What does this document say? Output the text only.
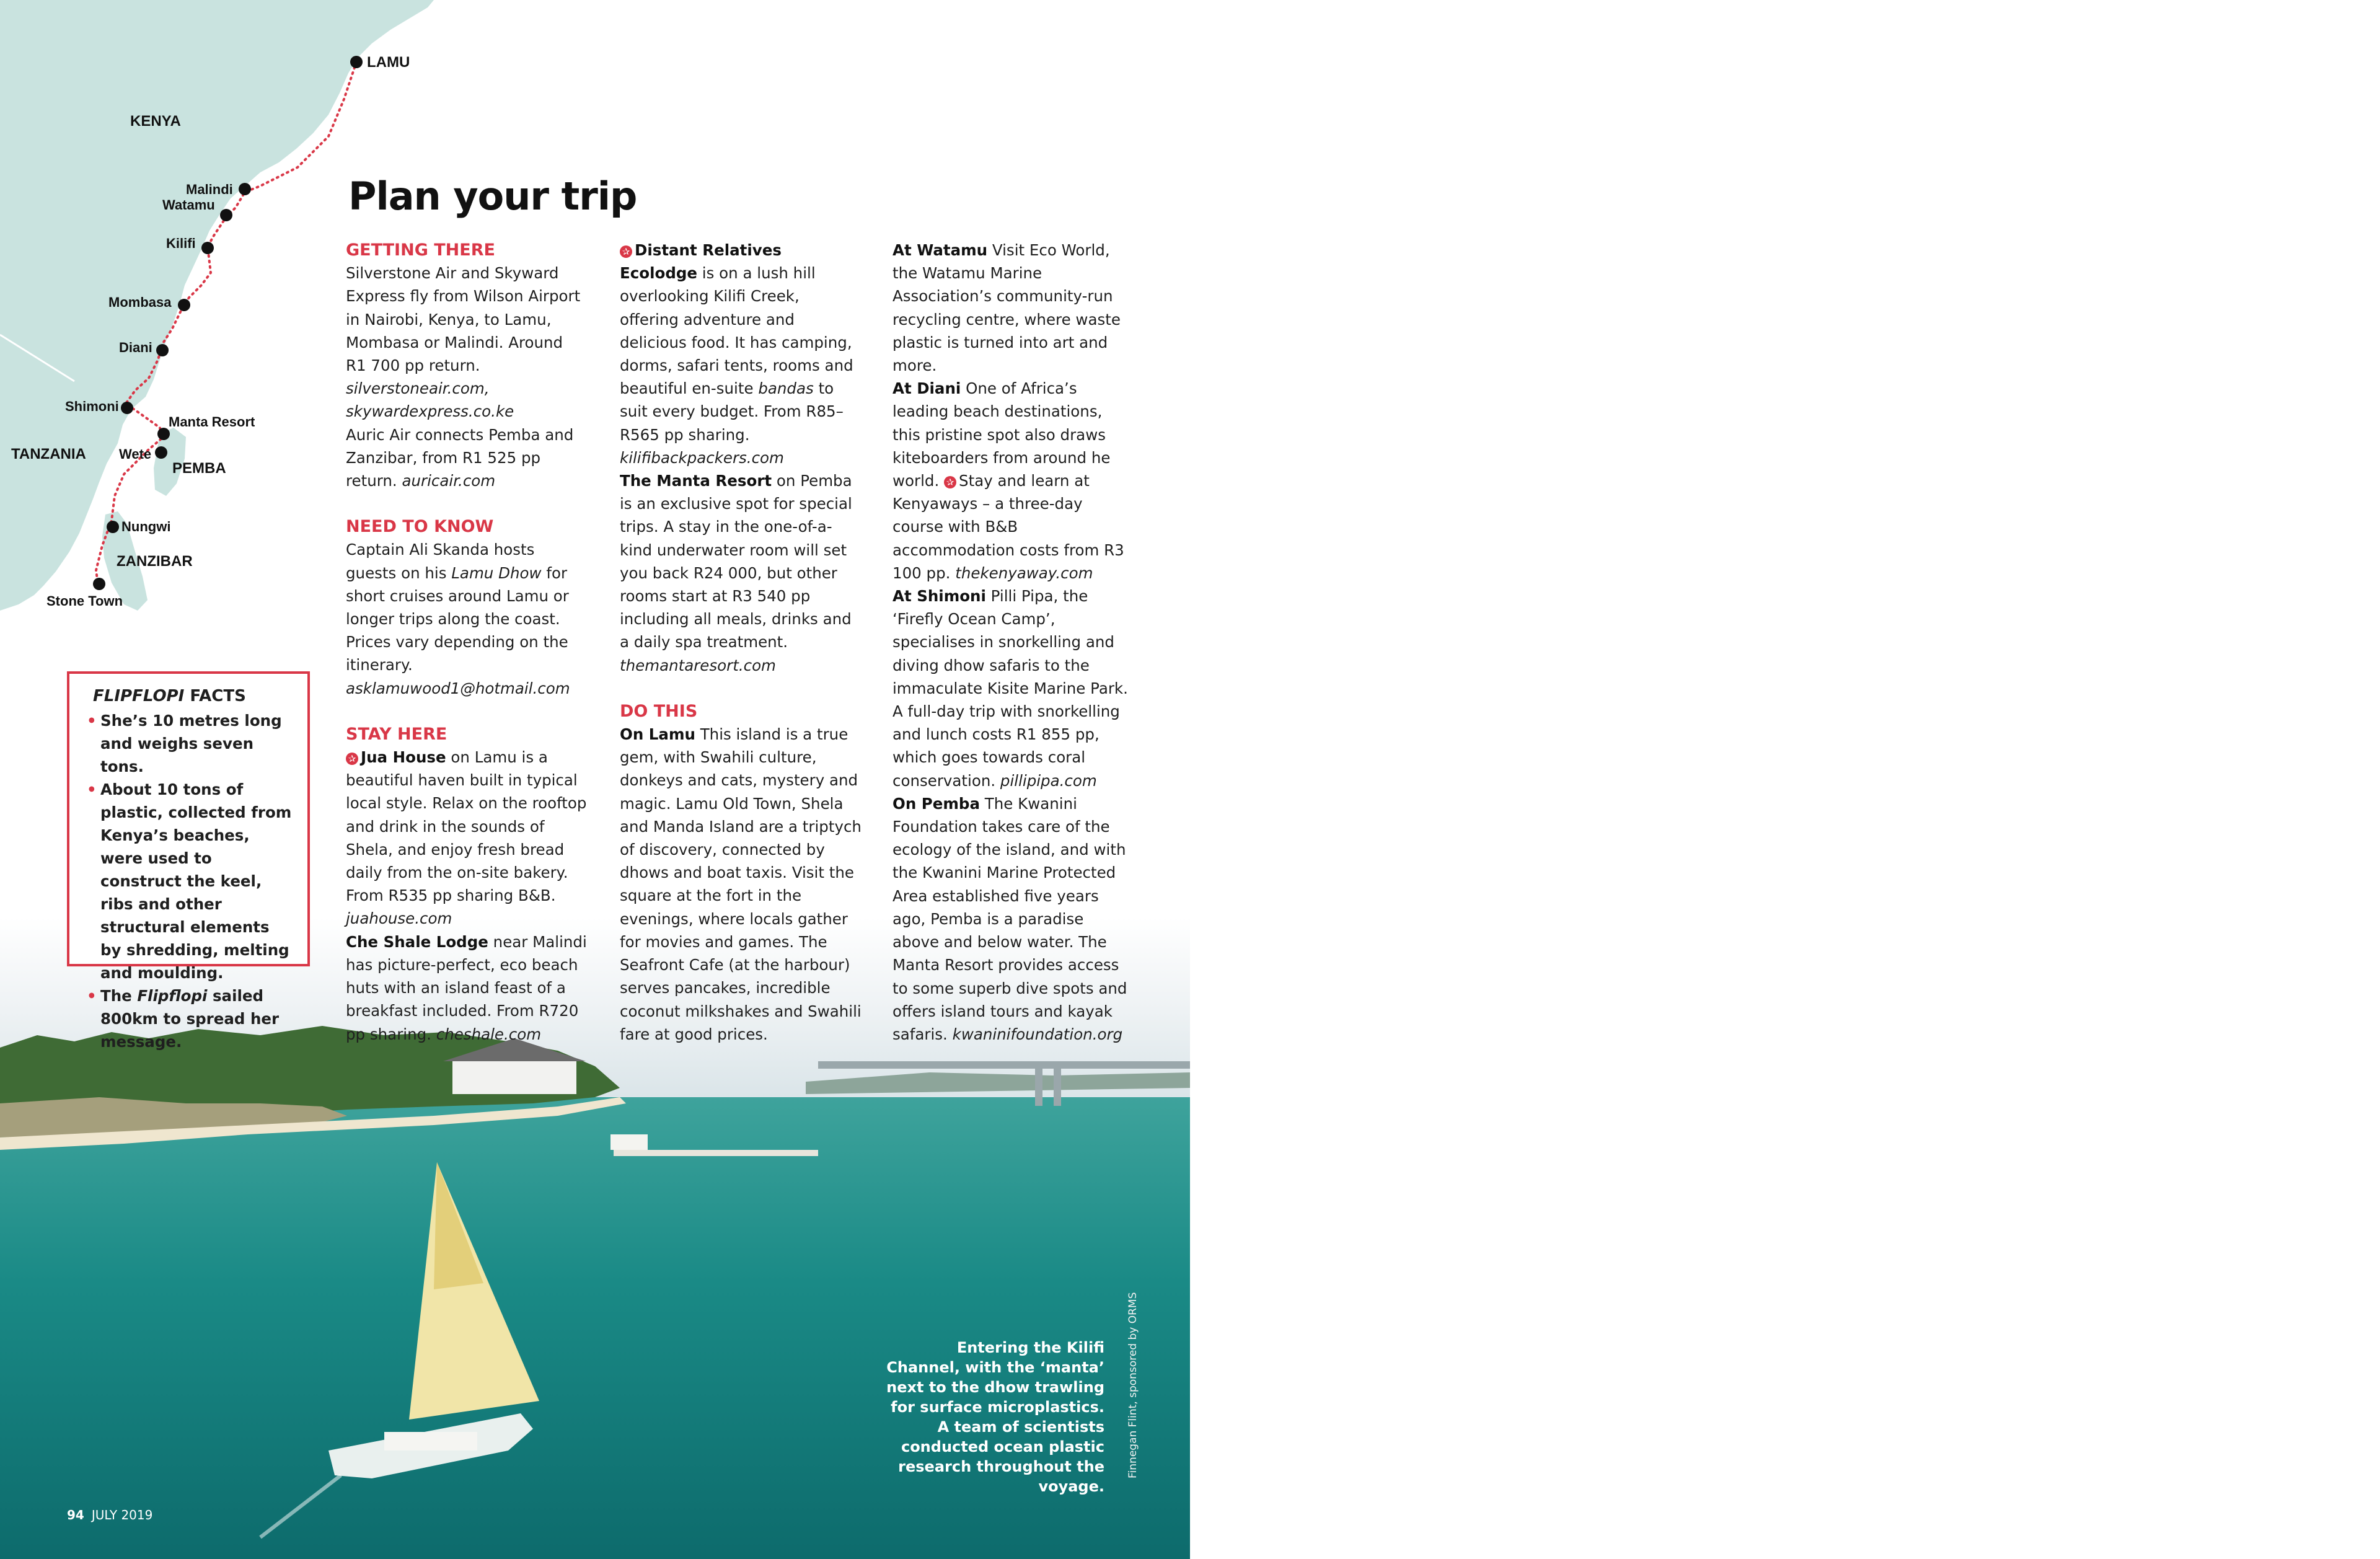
KENYA
TANZANIA
LAMU
Malindi
Watamu
Kilifi
Mombasa
Diani
Shimoni
Manta Resort
Wete
PEMBA
Nungwi
ZANZIBAR
Stone Town
Plan your trip

GETTING THERE

Silverstone Air and Skyward Express fly from Wilson Airport in Nairobi, Kenya, to Lamu, Mombasa or Malindi. Around R1 700 pp return. silverstoneair.com, skywardexpress.co.ke

Auric Air connects Pemba and Zanzibar, from R1 525 pp return. auricair.com

NEED TO KNOW

Captain Ali Skanda hosts guests on his Lamu Dhow for short cruises around Lamu or longer trips along the coast. Prices vary depending on the itinerary. asklamuwood1@hotmail.com

STAY HERE

✰ Jua House on Lamu is a beautiful haven built in typical local style. Relax on the rooftop and drink in the sounds of Shela, and enjoy fresh bread daily from the on-site bakery. From R535 pp sharing B&B. juahouse.com

Che Shale Lodge near Malindi has picture-perfect, eco beach huts with an island feast of a breakfast included. From R720 pp sharing. cheshale.com

✰ Distant Relatives Ecolodge is on a lush hill overlooking Kilifi Creek, offering adventure and delicious food. It has camping, dorms, safari tents, rooms and beautiful en-suite bandas to suit every budget. From R85–R565 pp sharing. kilifibackpackers.com

The Manta Resort on Pemba is an exclusive spot for special trips. A stay in the one-of-a-kind underwater room will set you back R24 000, but other rooms start at R3 540 pp including all meals, drinks and a daily spa treatment. themantaresort.com

DO THIS

On Lamu This island is a true gem, with Swahili culture, donkeys and cats, mystery and magic. Lamu Old Town, Shela and Manda Island are a triptych of discovery, connected by dhows and boat taxis. Visit the square at the fort in the evenings, where locals gather for movies and games. The Seafront Cafe (at the harbour) serves pancakes, incredible coconut milkshakes and Swahili fare at good prices.

At Watamu Visit Eco World, the Watamu Marine Association’s community-run recycling centre, where waste plastic is turned into art and more.

At Diani One of Africa’s leading beach destinations, this pristine spot also draws kiteboarders from around he world. ✰ Stay and learn at Kenyaways – a three-day course with B&B accommodation costs from R3 100 pp. thekenyaway.com

At Shimoni Pilli Pipa, the ‘Firefly Ocean Camp’, specialises in snorkelling and diving dhow safaris to the immaculate Kisite Marine Park. A full-day trip with snorkelling and lunch costs R1 855 pp, which goes towards coral conservation. pillipipa.com

On Pemba The Kwanini Foundation takes care of the ecology of the island, and with the Kwanini Marine Protected Area established five years ago, Pemba is a paradise above and below water. The Manta Resort provides access to some superb dive spots and offers island tours and kayak safaris. kwaninifoundation.org

FLIPFLOPI FACTS
• She’s 10 metres long and weighs seven tons.
• About 10 tons of plastic, collected from Kenya’s beaches, were used to construct the keel, ribs and other structural elements by shredding, melting and moulding.
• The Flipflopi sailed 800km to spread her message.
Entering the Kilifi Channel, with the ‘manta’ next to the dhow trawling for surface microplastics. A team of scientists conducted ocean plastic research throughout the voyage.
Finnegan Flint, sponsored by ORMS
94 JULY 2019
